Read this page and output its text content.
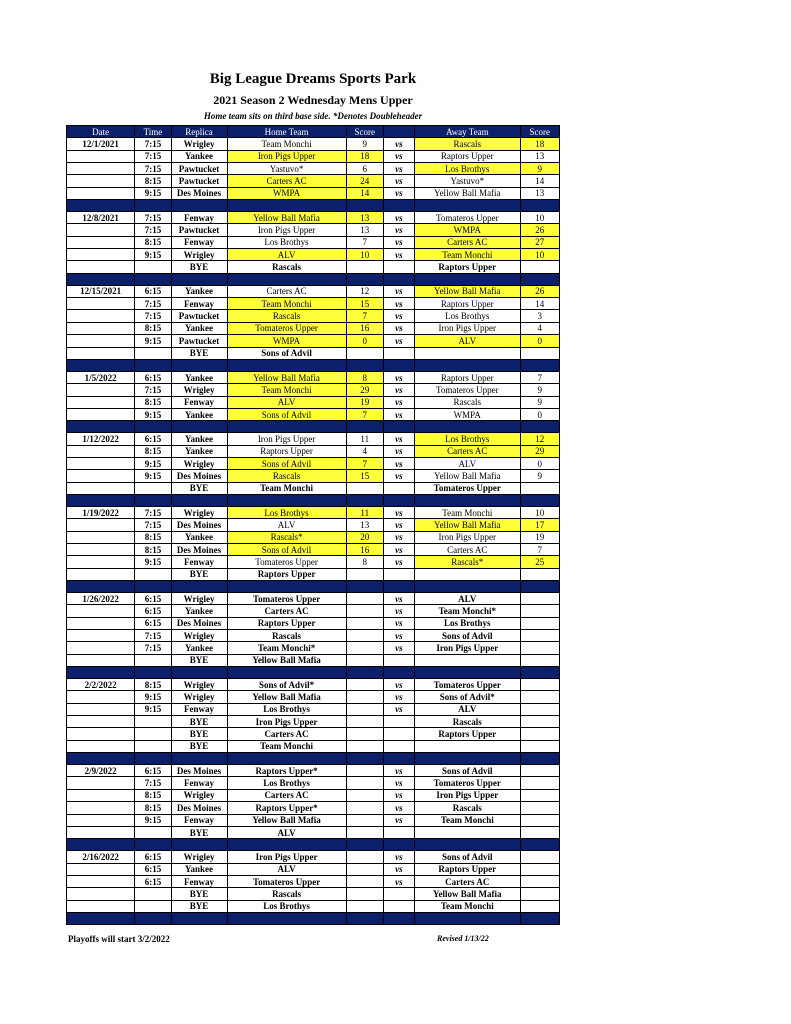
Big League Dreams Sports Park
2021 Season 2 Wednesday Mens Upper
Home team sits on third base side. *Denotes Doubleheader
Date	Time	Replica	Home Team	Score		Away Team	Score
12/1/2021	7:15	Wrigley	Team Monchi	9	vs	Rascals	18
	7:15	Yankee	Iron Pigs Upper	18	vs	Raptors Upper	13
	7:15	Pawtucket	Yastuvo*	6	vs	Los Brothys	9
	8:15	Pawtucket	Carters AC	24	vs	Yastuvo*	14
	9:15	Des Moines	WMPA	14	vs	Yellow Ball Mafia	13

12/8/2021	7:15	Fenway	Yellow Ball Mafia	13	vs	Tomateros Upper	10
	7:15	Pawtucket	Iron Pigs Upper	13	vs	WMPA	26
	8:15	Fenway	Los Brothys	7	vs	Carters AC	27
	9:15	Wrigley	ALV	10	vs	Team Monchi	10
		BYE	Rascals			Raptors Upper	

12/15/2021	6:15	Yankee	Carters AC	12	vs	Yellow Ball Mafia	26
	7:15	Fenway	Team Monchi	15	vs	Raptors Upper	14
	7:15	Pawtucket	Rascals	7	vs	Los Brothys	3
	8:15	Yankee	Tomateros Upper	16	vs	Iron Pigs Upper	4
	9:15	Pawtucket	WMPA	0	vs	ALV	0
		BYE	Sons of Advil				

1/5/2022	6:15	Yankee	Yellow Ball Mafia	8	vs	Raptors Upper	7
	7:15	Wrigley	Team Monchi	29	vs	Tomateros Upper	9
	8:15	Fenway	ALV	19	vs	Rascals	9
	9:15	Yankee	Sons of Advil	7	vs	WMPA	0

1/12/2022	6:15	Yankee	Iron Pigs Upper	11	vs	Los Brothys	12
	8:15	Yankee	Raptors Upper	4	vs	Carters AC	29
	9:15	Wrigley	Sons of Advil	7	vs	ALV	0
	9:15	Des Moines	Rascals	15	vs	Yellow Ball Mafia	9
		BYE	Team Monchi			Tomateros Upper	

1/19/2022	7:15	Wrigley	Los Brothys	11	vs	Team Monchi	10
	7:15	Des Moines	ALV	13	vs	Yellow Ball Mafia	17
	8:15	Yankee	Rascals*	20	vs	Iron Pigs Upper	19
	8:15	Des Moines	Sons of Advil	16	vs	Carters AC	7
	9:15	Fenway	Tomateros Upper	8	vs	Rascals*	25
		BYE	Raptors Upper				

1/26/2022	6:15	Wrigley	Tomateros Upper		vs	ALV	
	6:15	Yankee	Carters AC		vs	Team Monchi*	
	6:15	Des Moines	Raptors Upper		vs	Los Brothys	
	7:15	Wrigley	Rascals		vs	Sons of Advil	
	7:15	Yankee	Team Monchi*		vs	Iron Pigs Upper	
		BYE	Yellow Ball Mafia				

2/2/2022	8:15	Wrigley	Sons of Advil*		vs	Tomateros Upper	
	9:15	Wrigley	Yellow Ball Mafia		vs	Sons of Advil*	
	9:15	Fenway	Los Brothys		vs	ALV	
		BYE	Iron Pigs Upper			Rascals	
		BYE	Carters AC			Raptors Upper	
		BYE	Team Monchi				

2/9/2022	6:15	Des Moines	Raptors Upper*		vs	Sons of Advil	
	7:15	Fenway	Los Brothys		vs	Tomateros Upper	
	8:15	Wrigley	Carters AC		vs	Iron Pigs Upper	
	8:15	Des Moines	Raptors Upper*		vs	Rascals	
	9:15	Fenway	Yellow Ball Mafia		vs	Team Monchi	
		BYE	ALV				

2/16/2022	6:15	Wrigley	Iron Pigs Upper		vs	Sons of Advil	
	6:15	Yankee	ALV		vs	Raptors Upper	
	6:15	Fenway	Tomateros Upper		vs	Carters AC	
		BYE	Rascals			Yellow Ball Mafia	
		BYE	Los Brothys			Team Monchi	

Playoffs will start 3/2/2022	Revised 1/13/22
